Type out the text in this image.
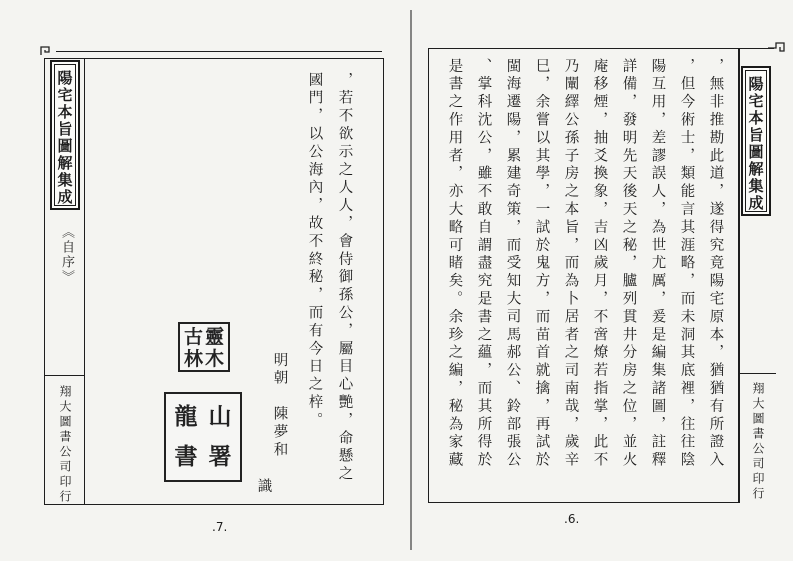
陽宅本旨圖解集成
《自序》
翔大圖書公司印行	，若不欲示之人人，會侍御孫公，屬目心艷，命懸之
國門，以公海內，故不終秘，而有今日之梓。
明朝　陳夢和
識
古 靈
林 木
龍 山
書 署
.7.
陽宅本旨圖解集成
翔大圖書公司印行
，無非推勘此道，遂得究竟陽宅原本，猶猶有所證入
，但今術士，類能言其涯略，而未洞其底裡，往往陰
陽互用，差謬誤人，為世尤厲，爰是編集諸圖，註釋
詳備，發明先天後天之秘，臚列貫井分房之位，並火
庵移煙，抽爻換象，吉凶歲月，不啻燎若指掌，此不
乃闡繹公孫子房之本旨，而為卜居者之司南哉，歲辛
巳，余嘗以其學，一試於鬼方，而苗首就擒，再試於
閩海遷陽，累建奇策，而受知大司馬郝公、鈴部張公
、掌科沈公，雖不敢自謂盡究是書之蘊，而其所得於
是書之作用者，亦大略可睹矣。余珍之編，秘為家藏
.6.
